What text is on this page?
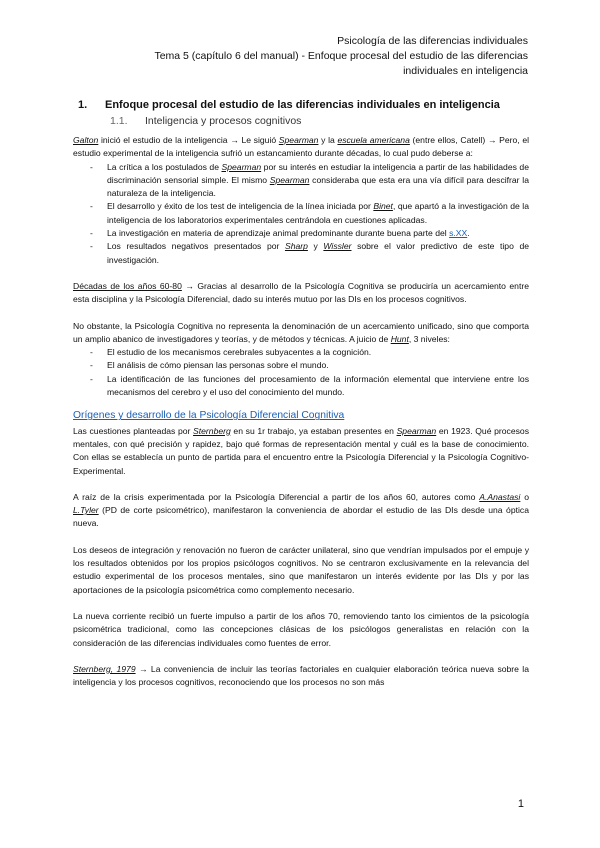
Psicología de las diferencias individuales
Tema 5 (capítulo 6 del manual) - Enfoque procesal del estudio de las diferencias
individuales en inteligencia
1. Enfoque procesal del estudio de las diferencias individuales en inteligencia
1.1. Inteligencia y procesos cognitivos

Galton inició el estudio de la inteligencia → Le siguió Spearman y la escuela americana (entre ellos, Catell) → Pero, el estudio experimental de la inteligencia sufrió un estancamiento durante décadas, lo cual pudo deberse a:

- La crítica a los postulados de Spearman por su interés en estudiar la inteligencia a partir de las habilidades de discriminación sensorial simple. El mismo Spearman consideraba que esta era una vía difícil para descifrar la naturaleza de la inteligencia.
- El desarrollo y éxito de los test de inteligencia de la línea iniciada por Binet, que apartó a la investigación de la inteligencia de los laboratorios experimentales centrándola en cuestiones aplicadas.
- La investigación en materia de aprendizaje animal predominante durante buena parte del s.XX.
- Los resultados negativos presentados por Sharp y Wissler sobre el valor predictivo de este tipo de investigación.

Décadas de los años 60-80 → Gracias al desarrollo de la Psicología Cognitiva se produciría un acercamiento entre esta disciplina y la Psicología Diferencial, dado su interés mutuo por las DIs en los procesos cognitivos.

No obstante, la Psicología Cognitiva no representa la denominación de un acercamiento unificado, sino que comporta un amplio abanico de investigadores y teorías, y de métodos y técnicas. A juicio de Hunt, 3 niveles:

- El estudio de los mecanismos cerebrales subyacentes a la cognición.
- El análisis de cómo piensan las personas sobre el mundo.
- La identificación de las funciones del procesamiento de la información elemental que interviene entre los mecanismos del cerebro y el uso del conocimiento del mundo.
Orígenes y desarrollo de la Psicología Diferencial Cognitiva

Las cuestiones planteadas por Sternberg en su 1r trabajo, ya estaban presentes en Spearman en 1923. Qué procesos mentales, con qué precisión y rapidez, bajo qué formas de representación mental y cuál es la base de conocimiento. Con ellas se establecía un punto de partida para el encuentro entre la Psicología Diferencial y la Psicología Cognitivo- Experimental.

A raíz de la crisis experimentada por la Psicología Diferencial a partir de los años 60, autores como A.Anastasi o L.Tyler (PD de corte psicométrico), manifestaron la conveniencia de abordar el estudio de las DIs desde una óptica nueva.

Los deseos de integración y renovación no fueron de carácter unilateral, sino que vendrían impulsados por el empuje y los resultados obtenidos por los propios psicólogos cognitivos. No se centraron exclusivamente en la relevancia del estudio experimental de los procesos mentales, sino que manifestaron un interés evidente por las DIs y por las aportaciones de la psicología psicométrica como complemento necesario.

La nueva corriente recibió un fuerte impulso a partir de los años 70, removiendo tanto los cimientos de la psicología psicométrica tradicional, como las concepciones clásicas de los psicólogos generalistas en relación con la consideración de las diferencias individuales como fuentes de error.

Sternberg, 1979 → La conveniencia de incluir las teorías factoriales en cualquier elaboración teórica nueva sobre la inteligencia y los procesos cognitivos, reconociendo que los procesos no son más

1
